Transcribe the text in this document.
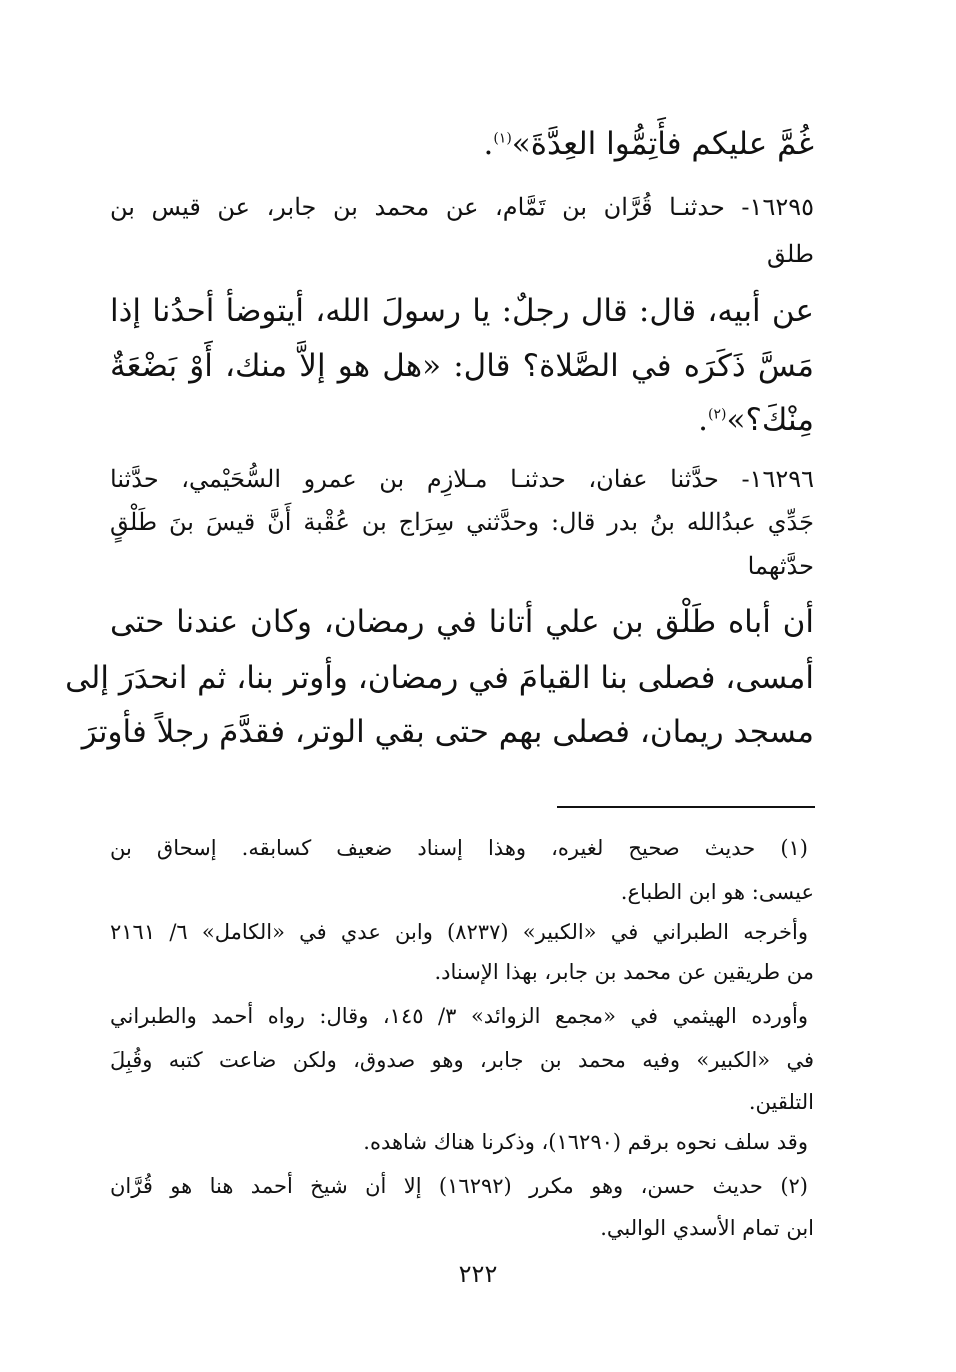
غُمَّ عليكم فأَتِمُّوا العِدَّةَ»$^{(١)}$.
١٦٢٩٥- حدثنـا قُرَّان بن تَمَّام، عن محمد بن جابر، عن قيس بن
طلق
عن أبيه، قال: قال رجلٌ: يا رسولَ الله، أيتوضأ أحدُنا إذا
مَسَّ ذَكَرَه في الصَّلاة؟ قال: «هل هو إلاَّ منك، أَوْ بَضْعَةٌ
مِنْكَ؟»$^{(٢)}$.
١٦٢٩٦- حدَّثنا عفان، حدثنـا مـلازِم بن عمرو السُّحَيْمي، حدَّثنا
جَدِّي عبدُالله بنُ بدر قال: وحدَّثني سِرَاج بن عُقْبة أَنَّ قيسَ بنَ طَلْقٍ
حدَّثهما
أن أباه طَلْق بن علي أتانا في رمضان، وكان عندنا حتى
أمسى، فصلى بنا القيامَ في رمضان، وأوتر بنا، ثم انحدَرَ إلى
مسجد ريمان، فصلى بهم حتى بقي الوتر، فقدَّمَ رجلاً فأوترَ
(١) حديث صحيح لغيره، وهذا إسناد ضعيف كسابقه. إسحاق بن
عيسى: هو ابن الطباع.
وأخرجه الطبراني في «الكبير» (٨٢٣٧) وابن عدي في «الكامل» ٦/ ٢١٦١
من طريقين عن محمد بن جابر، بهذا الإسناد.
وأورده الهيثمي في «مجمع الزوائد» ٣/ ١٤٥، وقال: رواه أحمد والطبراني
في «الكبير» وفيه محمد بن جابر، وهو صدوق، ولكن ضاعت كتبه وقُبِلَ
التلقين.
وقد سلف نحوه برقم (١٦٢٩٠)، وذكرنا هناك شاهده.
(٢) حديث حسن، وهو مكرر (١٦٢٩٢) إلا أن شيخ أحمد هنا هو قُرَّان
ابن تمام الأسدي الوالبي.
٢٢٢
